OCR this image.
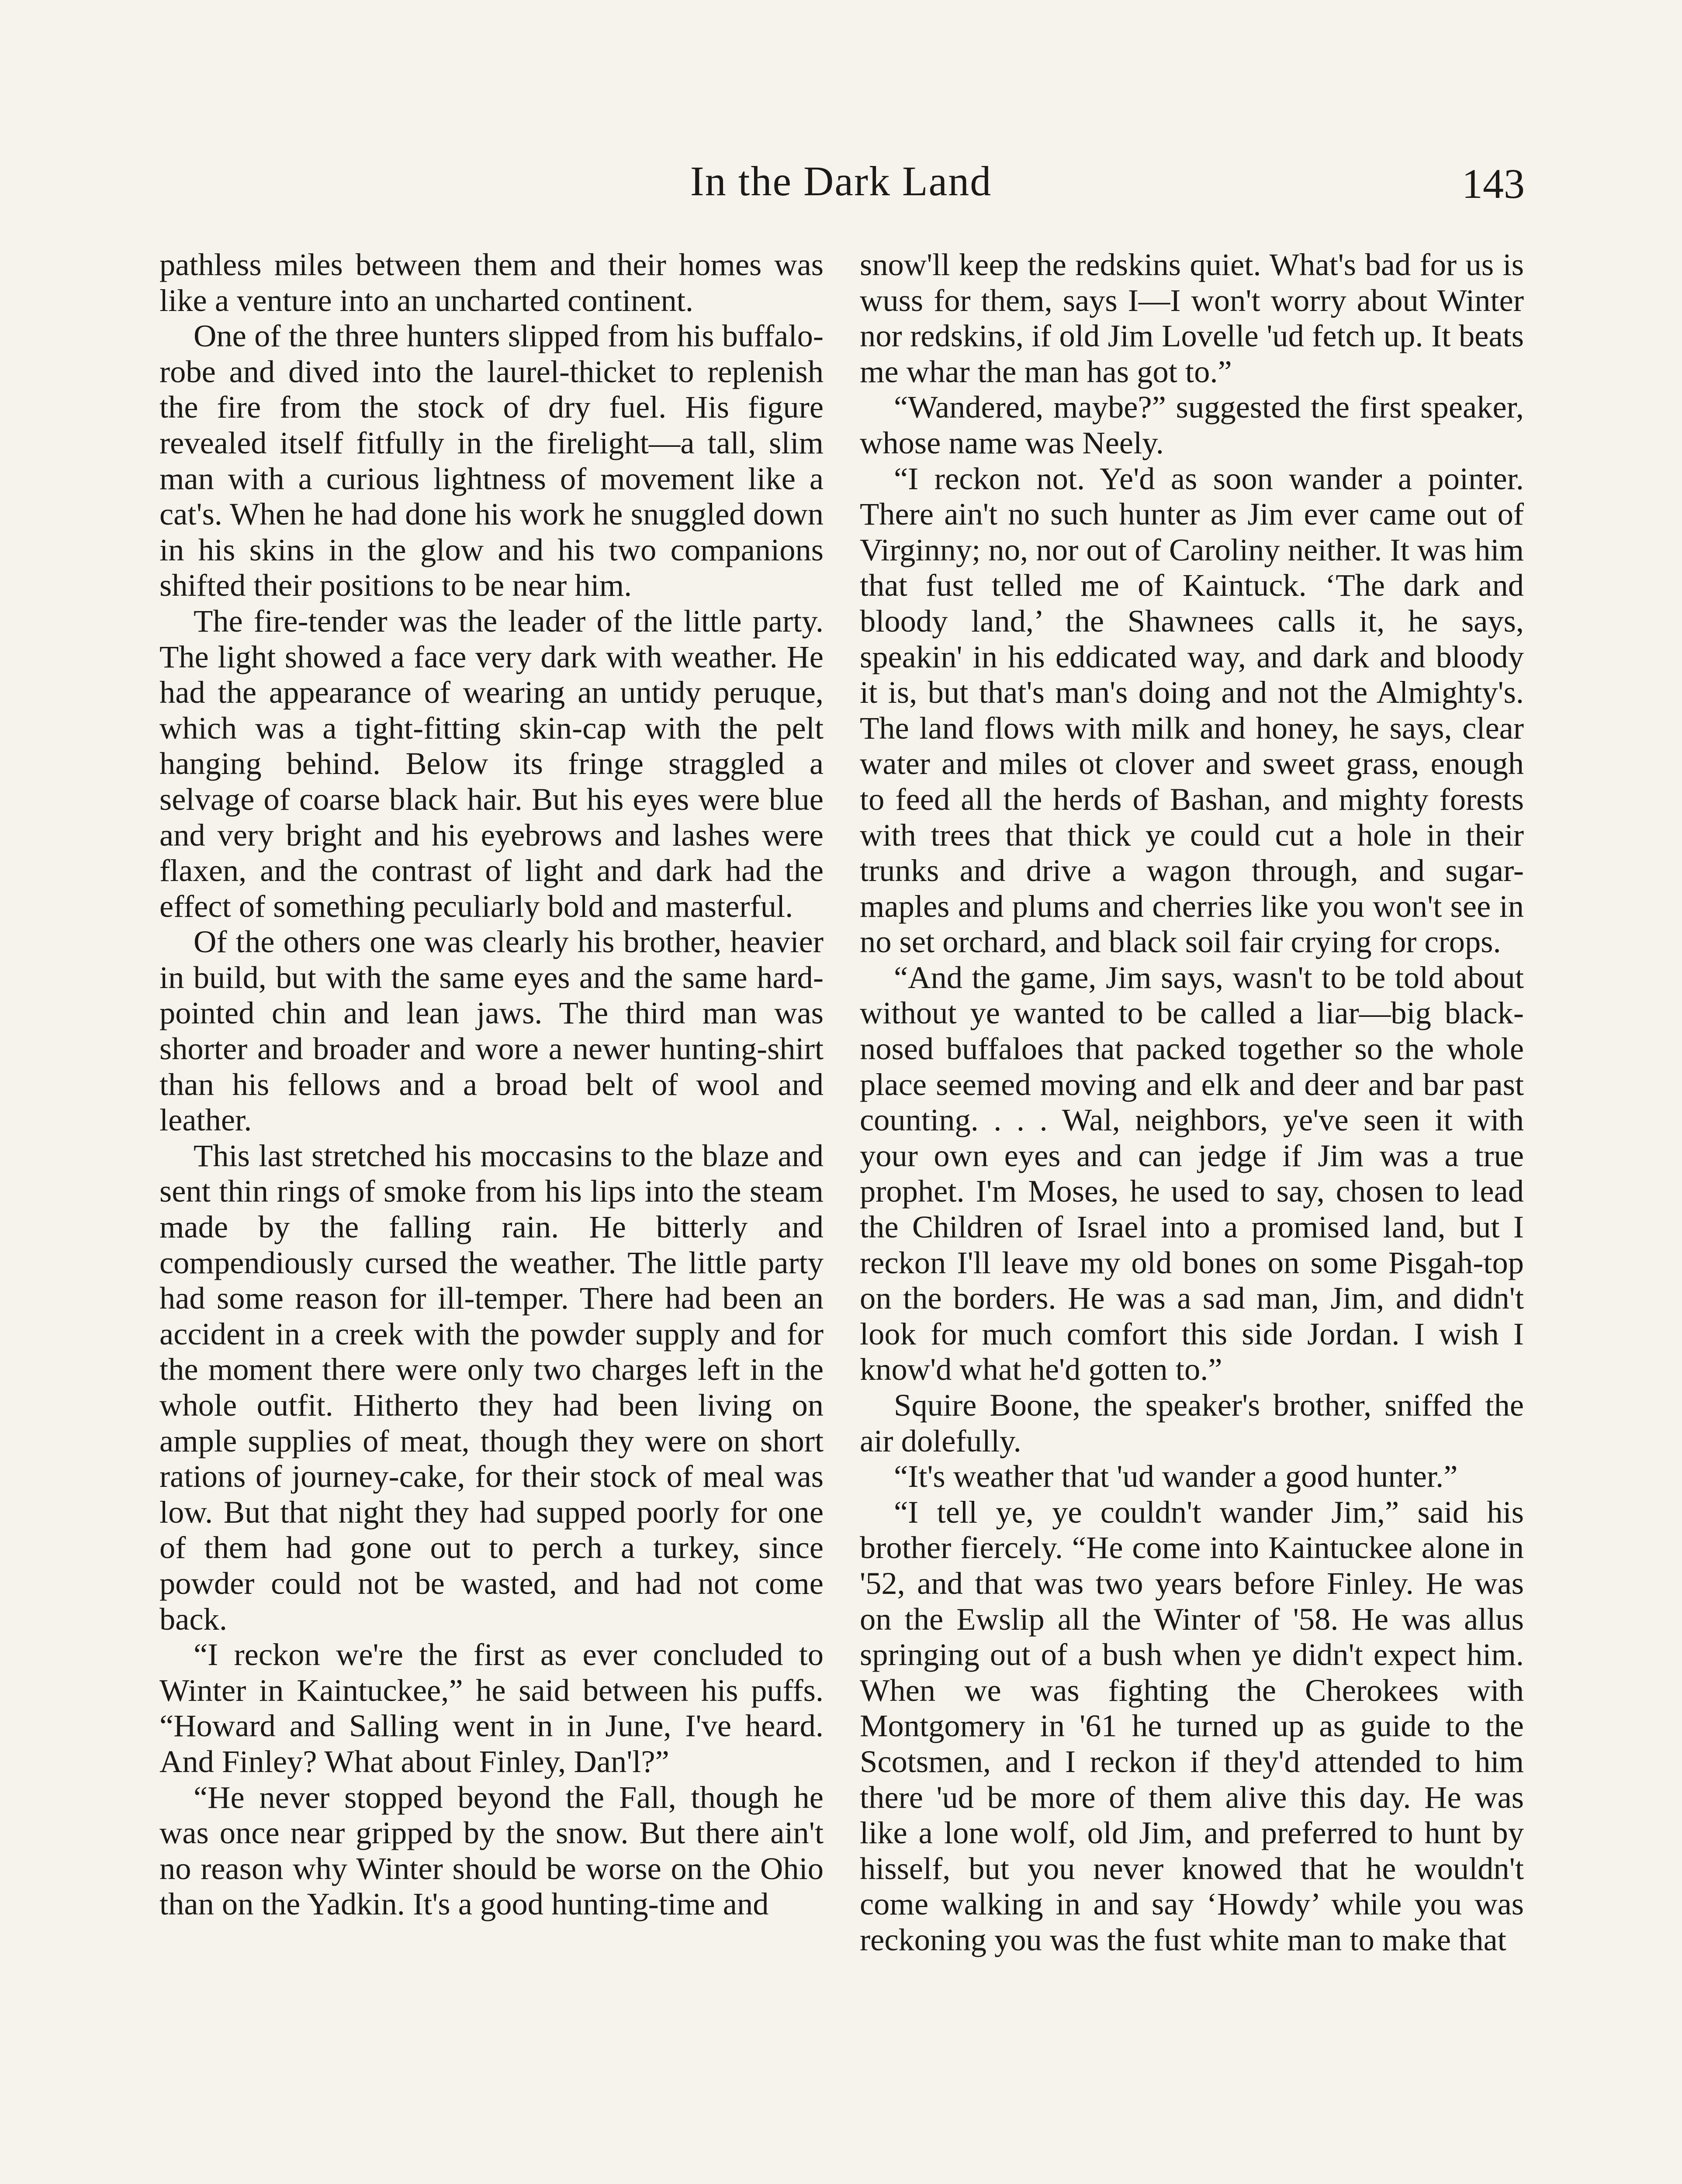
In the Dark Land	143

pathless miles between them and their homes was like a venture into an uncharted continent.

One of the three hunters slipped from his buffalo-robe and dived into the laurel-thicket to replenish the fire from the stock of dry fuel. His figure revealed itself fitfully in the firelight—a tall, slim man with a curious lightness of movement like a cat's. When he had done his work he snuggled down in his skins in the glow and his two companions shifted their positions to be near him.

The fire-tender was the leader of the little party. The light showed a face very dark with weather. He had the appearance of wearing an untidy peruque, which was a tight-fitting skin-cap with the pelt hanging behind. Below its fringe straggled a selvage of coarse black hair. But his eyes were blue and very bright and his eyebrows and lashes were flaxen, and the contrast of light and dark had the effect of something peculiarly bold and masterful.

Of the others one was clearly his brother, heavier in build, but with the same eyes and the same hard-pointed chin and lean jaws. The third man was shorter and broader and wore a newer hunting-shirt than his fellows and a broad belt of wool and leather.

This last stretched his moccasins to the blaze and sent thin rings of smoke from his lips into the steam made by the falling rain. He bitterly and compendiously cursed the weather. The little party had some reason for ill-temper. There had been an accident in a creek with the powder supply and for the moment there were only two charges left in the whole outfit. Hitherto they had been living on ample supplies of meat, though they were on short rations of journey-cake, for their stock of meal was low. But that night they had supped poorly for one of them had gone out to perch a turkey, since powder could not be wasted, and had not come back.

“I reckon we're the first as ever concluded to Winter in Kaintuckee,” he said between his puffs. “Howard and Salling went in in June, I've heard. And Finley? What about Finley, Dan'l?”

“He never stopped beyond the Fall, though he was once near gripped by the snow. But there ain't no reason why Winter should be worse on the Ohio than on the Yadkin. It's a good hunting-time and

snow'll keep the redskins quiet. What's bad for us is wuss for them, says I—I won't worry about Winter nor redskins, if old Jim Lovelle 'ud fetch up. It beats me whar the man has got to.”

“Wandered, maybe?” suggested the first speaker, whose name was Neely.

“I reckon not. Ye'd as soon wander a pointer. There ain't no such hunter as Jim ever came out of Virginny; no, nor out of Caroliny neither. It was him that fust telled me of Kaintuck. ‘The dark and bloody land,’ the Shawnees calls it, he says, speakin' in his eddicated way, and dark and bloody it is, but that's man's doing and not the Almighty's. The land flows with milk and honey, he says, clear water and miles ot clover and sweet grass, enough to feed all the herds of Bashan, and mighty forests with trees that thick ye could cut a hole in their trunks and drive a wagon through, and sugar-maples and plums and cherries like you won't see in no set orchard, and black soil fair crying for crops.

“And the game, Jim says, wasn't to be told about without ye wanted to be called a liar—big black-nosed buffaloes that packed together so the whole place seemed moving and elk and deer and bar past counting. . . . Wal, neighbors, ye've seen it with your own eyes and can jedge if Jim was a true prophet. I'm Moses, he used to say, chosen to lead the Children of Israel into a promised land, but I reckon I'll leave my old bones on some Pisgah-top on the borders. He was a sad man, Jim, and didn't look for much comfort this side Jordan. I wish I know'd what he'd gotten to.”

Squire Boone, the speaker's brother, sniffed the air dolefully.

“It's weather that 'ud wander a good hunter.”

“I tell ye, ye couldn't wander Jim,” said his brother fiercely. “He come into Kaintuckee alone in '52, and that was two years before Finley. He was on the Ewslip all the Winter of '58. He was allus springing out of a bush when ye didn't expect him. When we was fighting the Cherokees with Montgomery in '61 he turned up as guide to the Scotsmen, and I reckon if they'd attended to him there 'ud be more of them alive this day. He was like a lone wolf, old Jim, and preferred to hunt by hisself, but you never knowed that he wouldn't come walking in and say ‘Howdy’ while you was reckoning you was the fust white man to make that
